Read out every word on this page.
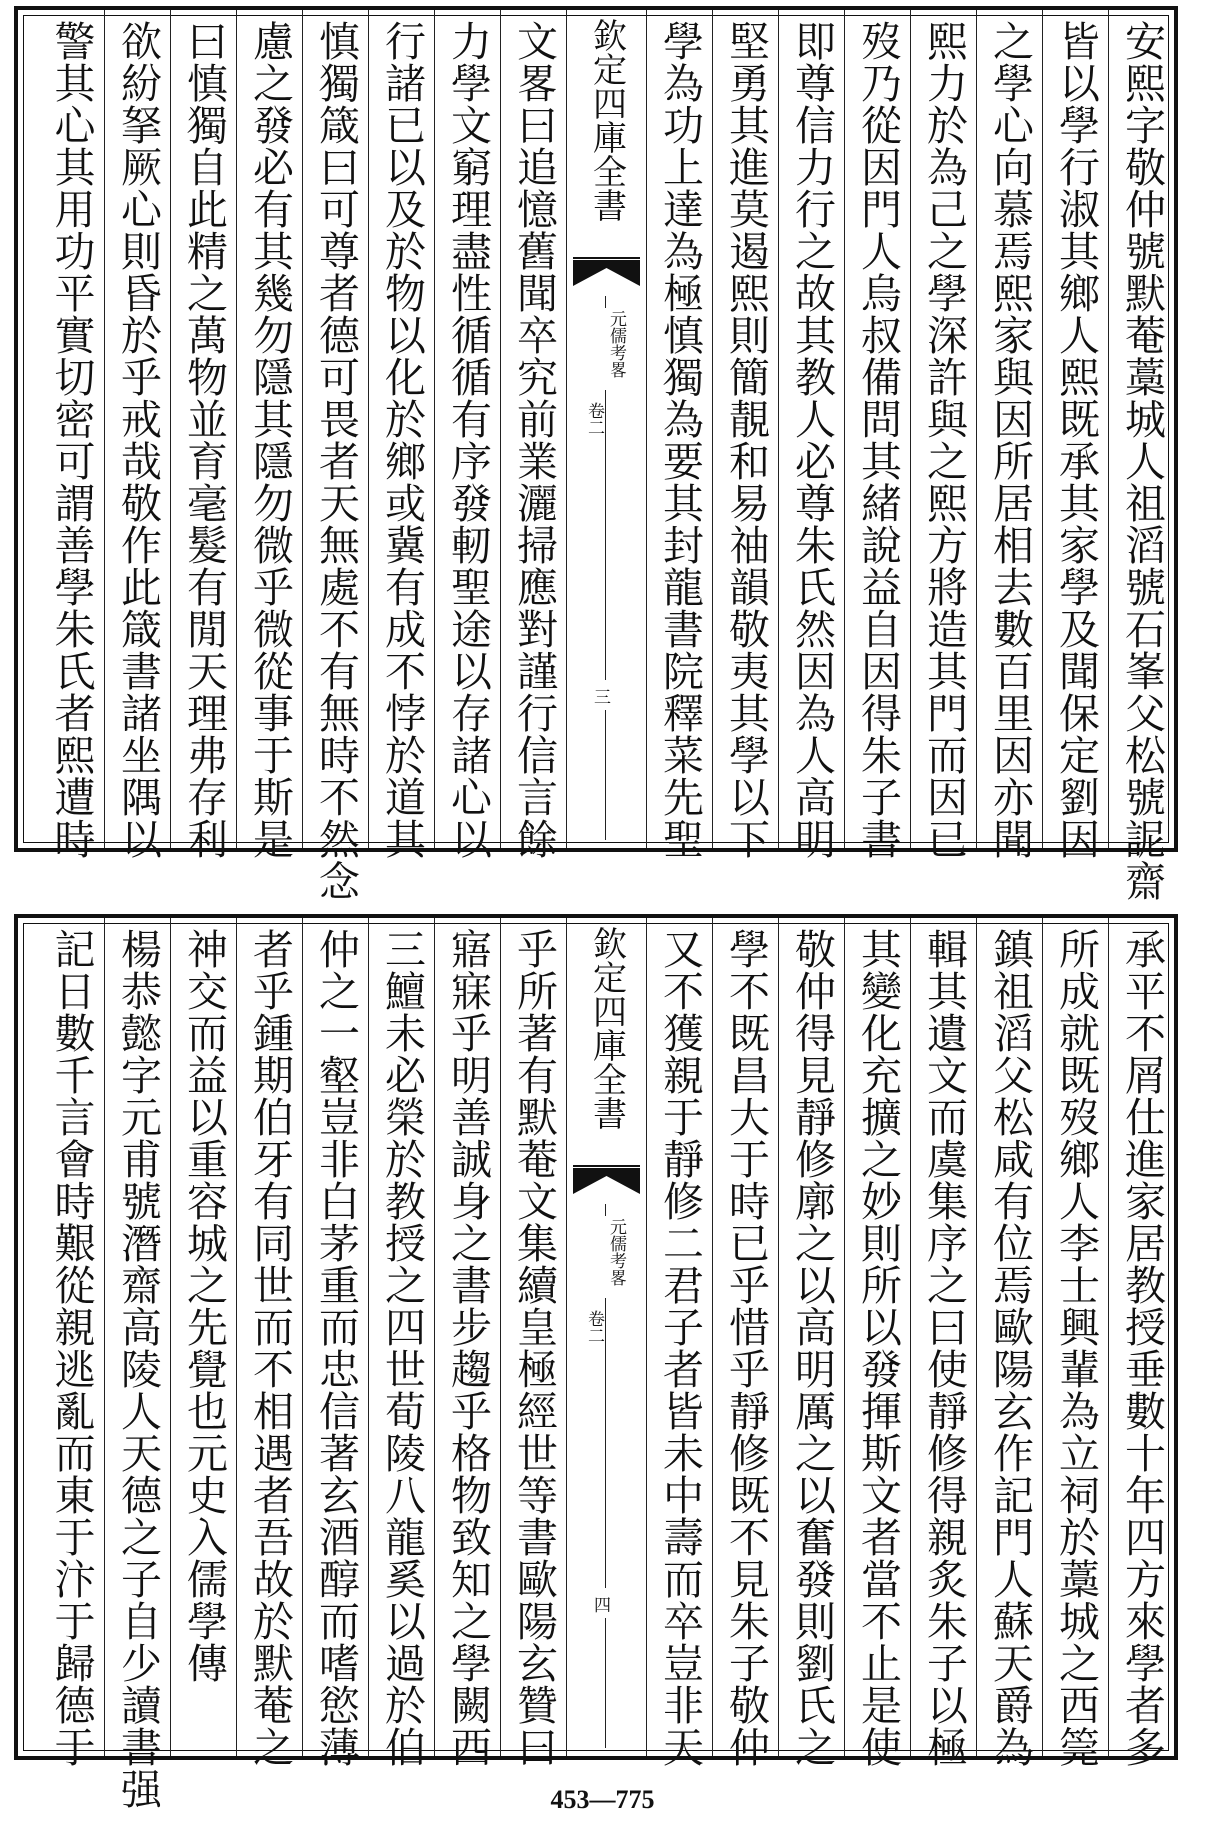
安熙字敬仲號默菴藁城人祖滔號石峯父松號䛏齋
皆以學行淑其鄉人熙既承其家學及聞保定劉因
之學心向慕焉熙家與因所居相去數百里因亦聞
熙力於為己之學深許與之熙方將造其門而因已
歿乃從因門人烏叔備問其緒說益自因得朱子書
即尊信力行之故其教人必尊朱氏然因為人高明
堅勇其進莫遏熙則簡靚和易䄂韻敬夷其學以下
學為功上達為極慎獨為要其封龍書院釋菜先聖
欽定四庫全書
元儒考畧
卷二
三
文畧曰追憶舊聞卒究前業灑掃應對謹行信言餘
力學文窮理盡性循循有序發軔聖途以存諸心以
行諸已以及於物以化於鄉或冀有成不悖於道其
慎獨箴曰可尊者德可畏者天無處不有無時不然念
慮之發必有其幾勿隱其隱勿微乎微從事于斯是
曰慎獨自此精之萬物並育毫髮有閒天理弗存利
欲紛拏厥心則昏於乎戒哉敬作此箴書諸坐隅以
警其心其用功平實切密可謂善學朱氏者熙遭時
承平不屑仕進家居教授垂數十年四方來學者多
所成就既歿鄉人李士興輩為立祠於藁城之西筦
鎮祖滔父松咸有位焉歐陽玄作記門人蘇天爵為
輯其遺文而虞集序之曰使靜修得親炙朱子以極
其變化充擴之妙則所以發揮斯文者當不止是使
敬仲得見靜修廓之以高明厲之以奮發則劉氏之
學不既昌大于時已乎惜乎靜修既不見朱子敬仲
又不獲親于靜修二君子者皆未中壽而卒豈非天
欽定四庫全書
元儒考畧
卷二
四
乎所著有默菴文集續皇極經世等書歐陽玄贊曰
寤寐乎明善誠身之書步趨乎格物致知之學闕西
三鱣未必榮於教授之四世荀陵八龍奚以過於伯
仲之一壑豈非白茅重而忠信著玄酒醇而嗜慾薄
者乎鍾期伯牙有同世而不相遇者吾故於默菴之
神交而益以重容城之先覺也元史入儒學傳
楊恭懿字元甫號潛齋高陵人天德之子自少讀書强
記日數千言會時艱從親逃亂而東于汴于歸德于
453—775
